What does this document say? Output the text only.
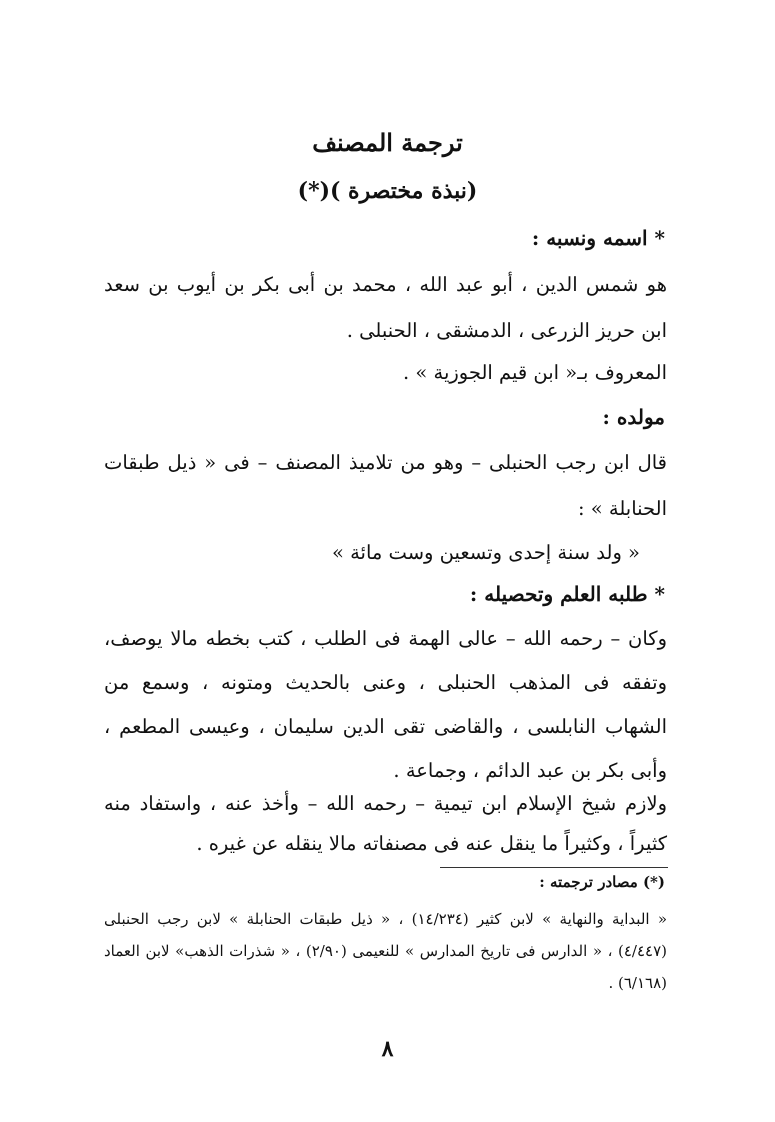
ترجمة المصنف
(نبذة مختصرة )(*)
* اسمه ونسبه :
هو شمس الدين ، أبو عبد الله ، محمد بن أبى بكر بن أيوب بن سعد ابن حريز الزرعى ، الدمشقى ، الحنبلى .
المعروف بـ« ابن قيم الجوزية » .
مولده :
قال ابن رجب الحنبلى – وهو من تلاميذ المصنف – فى « ذيل طبقات الحنابلة » :
« ولد سنة إحدى وتسعين وست مائة »
* طلبه العلم وتحصيله :
وكان – رحمه الله – عالى الهمة فى الطلب ، كتب بخطه مالا يوصف، وتفقه فى المذهب الحنبلى ، وعنى بالحديث ومتونه ، وسمع من الشهاب النابلسى ، والقاضى تقى الدين سليمان ، وعيسى المطعم ، وأبى بكر بن عبد الدائم ، وجماعة .
ولازم شيخ الإسلام ابن تيمية – رحمه الله – وأخذ عنه ، واستفاد منه كثيراً ، وكثيراً ما ينقل عنه فى مصنفاته مالا ينقله عن غيره .
(*) مصادر ترجمته :
« البداية والنهاية » لابن كثير (١٤/٢٣٤) ، « ذيل طبقات الحنابلة » لابن رجب الحنبلى (٤/٤٤٧) ، « الدارس فى تاريخ المدارس » للنعيمى (٢/٩٠) ، « شذرات الذهب» لابن العماد (٦/١٦٨) .
٨
